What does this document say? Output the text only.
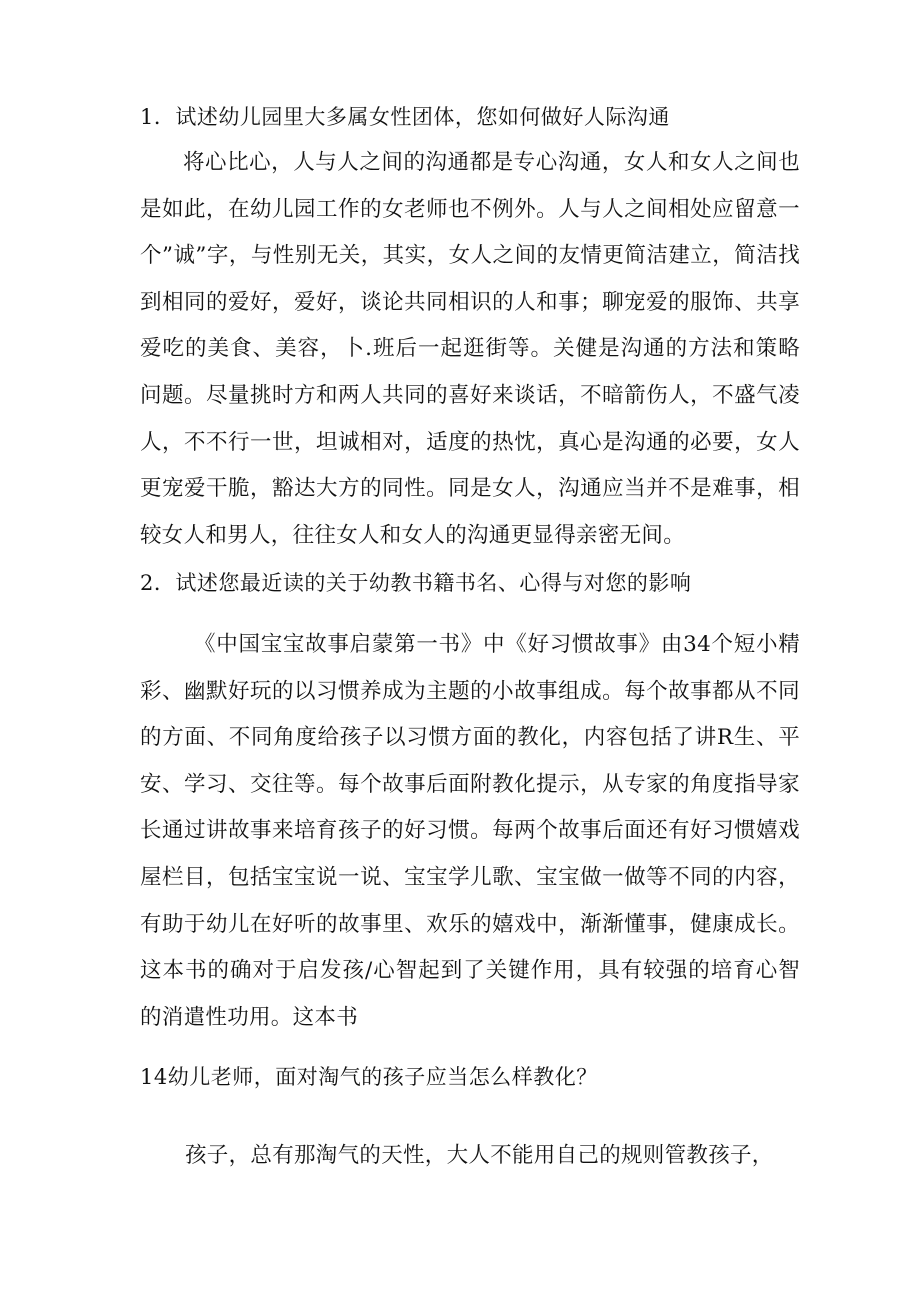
1．试述幼儿园里大多属女性团体，您如何做好人际沟通
将心比心，人与人之间的沟通都是专心沟通，女人和女人之间也是如此，在幼儿园工作的女老师也不例外。人与人之间相处应留意一个”诚”字，与性别无关，其实，女人之间的友情更简洁建立，简洁找到相同的爱好，爱好，谈论共同相识的人和事；聊宠爱的服饰、共享爱吃的美食、美容，卜.班后一起逛街等。关健是沟通的方法和策略问题。尽量挑时方和两人共同的喜好来谈话，不暗箭伤人，不盛气凌人，不不行一世，坦诚相对，适度的热忱，真心是沟通的必要，女人更宠爱干脆，豁达大方的同性。同是女人，沟通应当并不是难事，相较女人和男人，往往女人和女人的沟通更显得亲密无间。
2．试述您最近读的关于幼教书籍书名、心得与对您的影响
《中国宝宝故事启蒙第一书》中《好习惯故事》由34个短小精彩、幽默好玩的以习惯养成为主题的小故事组成。每个故事都从不同的方面、不同角度给孩子以习惯方面的教化，内容包括了讲R生、平安、学习、交往等。每个故事后面附教化提示，从专家的角度指导家长通过讲故事来培育孩子的好习惯。每两个故事后面还有好习惯嬉戏屋栏目，包括宝宝说一说、宝宝学儿歌、宝宝做一做等不同的内容，有助于幼儿在好听的故事里、欢乐的嬉戏中，渐渐懂事，健康成长。这本书的确对于启发孩/心智起到了关键作用，具有较强的培育心智的消遣性功用。这本书
14幼儿老师，面对淘气的孩子应当怎么样教化？
孩子，总有那淘气的天性，大人不能用自己的规则管教孩子，
